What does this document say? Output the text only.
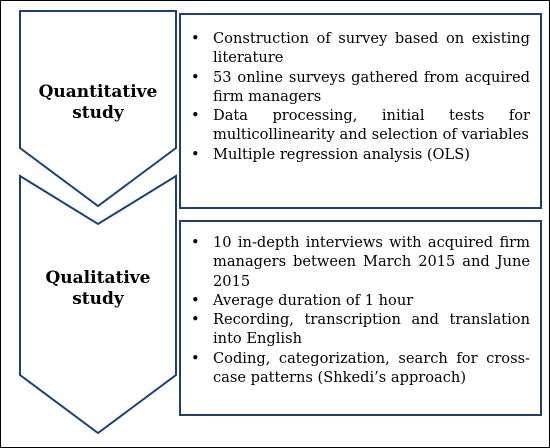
Quantitative
study
Qualitative
study
• Construction of survey based on existing literature
• 53 online surveys gathered from acquired firm managers
• Data processing, initial tests for multicollinearity and selection of variables
• Multiple regression analysis (OLS)
• 10 in-depth interviews with acquired firm managers between March 2015 and June 2015
• Average duration of 1 hour
• Recording, transcription and translation into English
• Coding, categorization, search for cross-case patterns (Shkedi’s approach)
